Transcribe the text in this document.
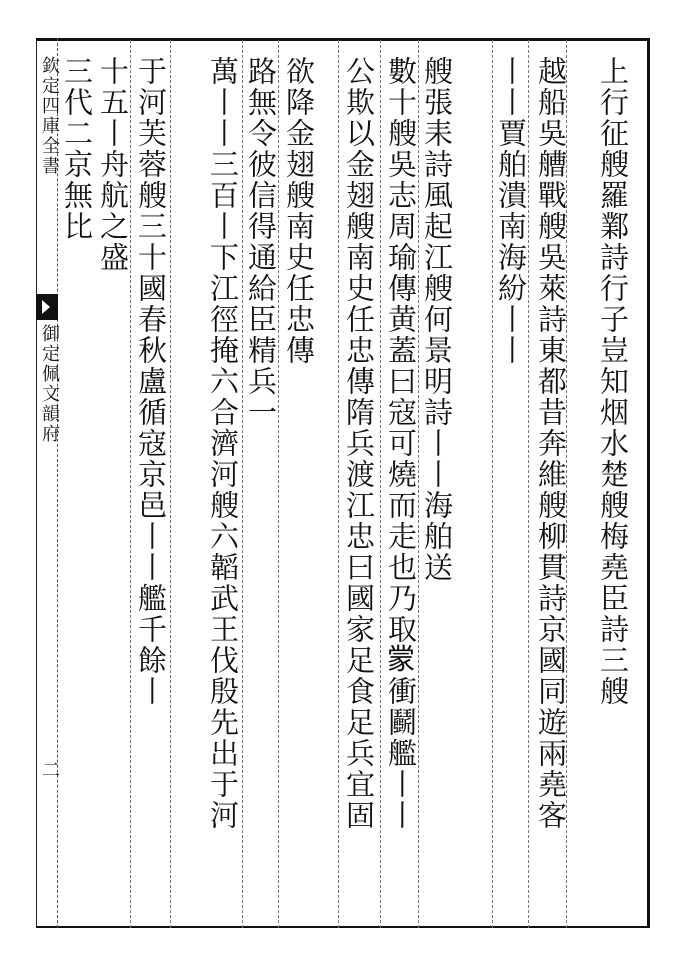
欽定四庫全書
御定佩文韻府
二
上行征艘羅鄴詩行子豈知烟水楚艘梅堯臣詩三艘
越船吳艚戰艘吳萊詩東都昔奔維艘柳貫詩京國同遊兩堯客
丨丨賈舶潰南海紛丨丨
艘張耒詩風起江艘何景明詩丨丨海舶送
數十艘吳志周瑜傳黄蓋曰寇可燒而走也乃取𫎇衝鬬艦丨丨
公欺以金翅艘南史任忠傳隋兵渡江忠曰國家足食足兵宜固
欲降金翅艘南史任忠傳
路無令彼信得通給臣精兵一
萬丨丨三百丨下江徑掩六合濟河艘六韜武王伐殷先出于河
于河芙蓉艘三十國春秋盧循寇京邑丨丨艦千餘丨
十五丨舟航之盛
三代二京無比
